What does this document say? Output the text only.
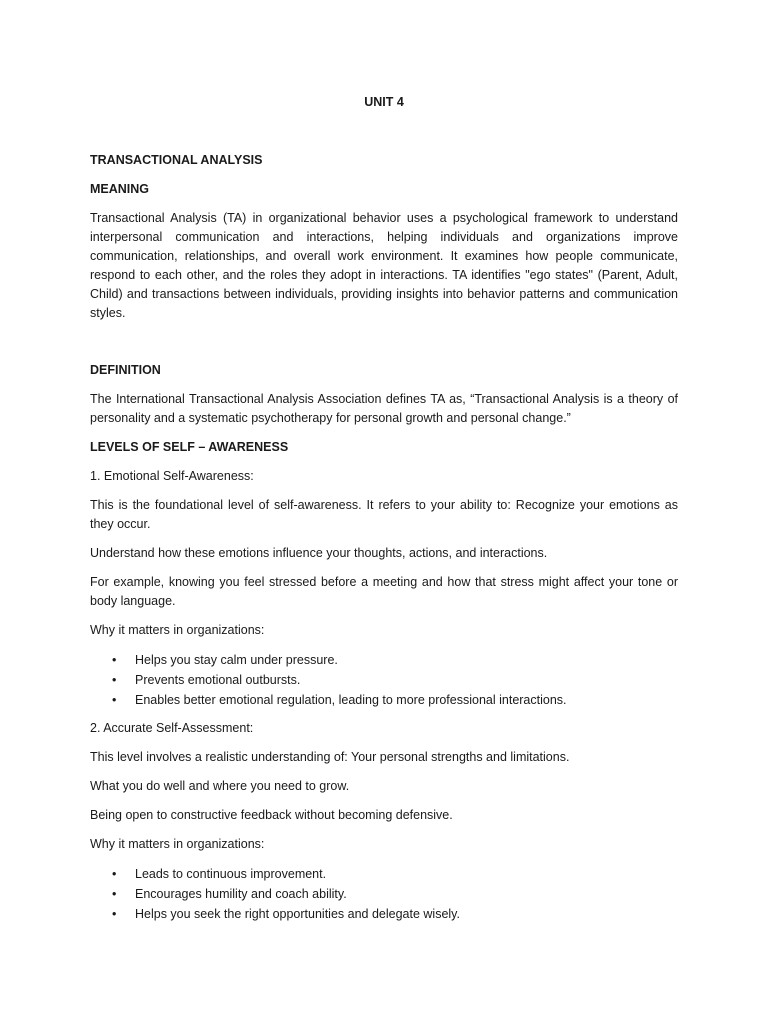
UNIT 4

TRANSACTIONAL ANALYSIS

MEANING

Transactional Analysis (TA) in organizational behavior uses a psychological framework to understand interpersonal communication and interactions, helping individuals and organizations improve communication, relationships, and overall work environment. It examines how people communicate, respond to each other, and the roles they adopt in interactions. TA identifies "ego states" (Parent, Adult, Child) and transactions between individuals, providing insights into behavior patterns and communication styles.

DEFINITION

The International Transactional Analysis Association defines TA as, “Transactional Analysis is a theory of personality and a systematic psychotherapy for personal growth and personal change.”

LEVELS OF SELF – AWARENESS

1. Emotional Self-Awareness:

This is the foundational level of self-awareness. It refers to your ability to: Recognize your emotions as they occur.

Understand how these emotions influence your thoughts, actions, and interactions.

For example, knowing you feel stressed before a meeting and how that stress might affect your tone or body language.

Why it matters in organizations:

• Helps you stay calm under pressure.
• Prevents emotional outbursts.
• Enables better emotional regulation, leading to more professional interactions.

2. Accurate Self-Assessment:

This level involves a realistic understanding of: Your personal strengths and limitations.

What you do well and where you need to grow.

Being open to constructive feedback without becoming defensive.

Why it matters in organizations:

• Leads to continuous improvement.
• Encourages humility and coach ability.
• Helps you seek the right opportunities and delegate wisely.
